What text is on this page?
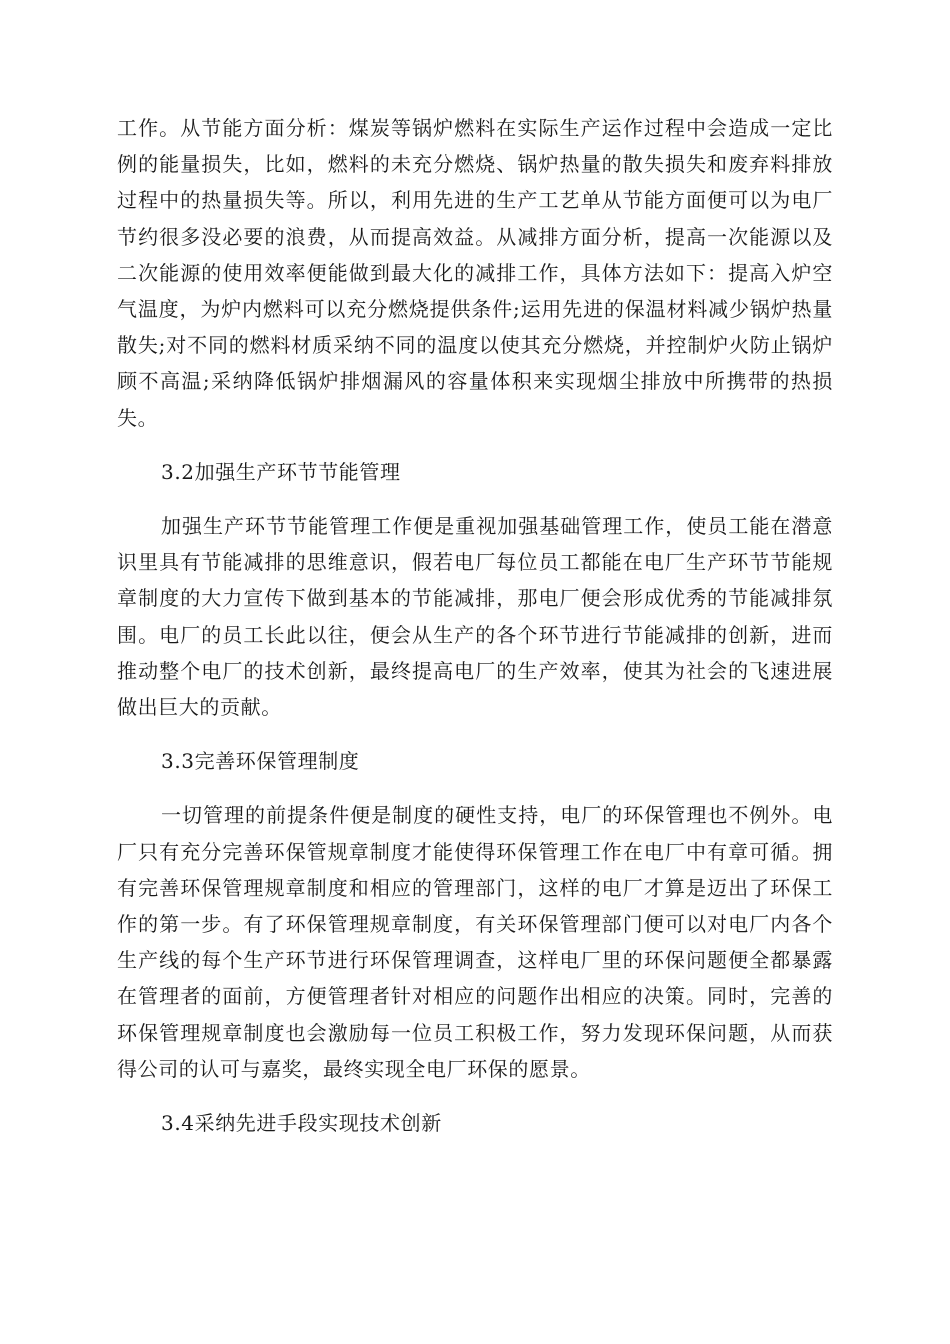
工作。从节能方面分析：煤炭等锅炉燃料在实际生产运作过程中会造成一定比例的能量损失，比如，燃料的未充分燃烧、锅炉热量的散失损失和废弃料排放过程中的热量损失等。所以，利用先进的生产工艺单从节能方面便可以为电厂节约很多没必要的浪费，从而提高效益。从减排方面分析，提高一次能源以及二次能源的使用效率便能做到最大化的减排工作，具体方法如下：提高入炉空气温度，为炉内燃料可以充分燃烧提供条件;运用先进的保温材料减少锅炉热量散失;对不同的燃料材质采纳不同的温度以使其充分燃烧，并控制炉火防止锅炉顾不高温;采纳降低锅炉排烟漏风的容量体积来实现烟尘排放中所携带的热损失。

3.2加强生产环节节能管理

加强生产环节节能管理工作便是重视加强基础管理工作，使员工能在潜意识里具有节能减排的思维意识，假若电厂每位员工都能在电厂生产环节节能规章制度的大力宣传下做到基本的节能减排，那电厂便会形成优秀的节能减排氛围。电厂的员工长此以往，便会从生产的各个环节进行节能减排的创新，进而推动整个电厂的技术创新，最终提高电厂的生产效率，使其为社会的飞速进展做出巨大的贡献。

3.3完善环保管理制度

一切管理的前提条件便是制度的硬性支持，电厂的环保管理也不例外。电厂只有充分完善环保管规章制度才能使得环保管理工作在电厂中有章可循。拥有完善环保管理规章制度和相应的管理部门，这样的电厂才算是迈出了环保工作的第一步。有了环保管理规章制度，有关环保管理部门便可以对电厂内各个生产线的每个生产环节进行环保管理调查，这样电厂里的环保问题便全都暴露在管理者的面前，方便管理者针对相应的问题作出相应的决策。同时，完善的环保管理规章制度也会激励每一位员工积极工作，努力发现环保问题，从而获得公司的认可与嘉奖，最终实现全电厂环保的愿景。

3.4采纳先进手段实现技术创新
